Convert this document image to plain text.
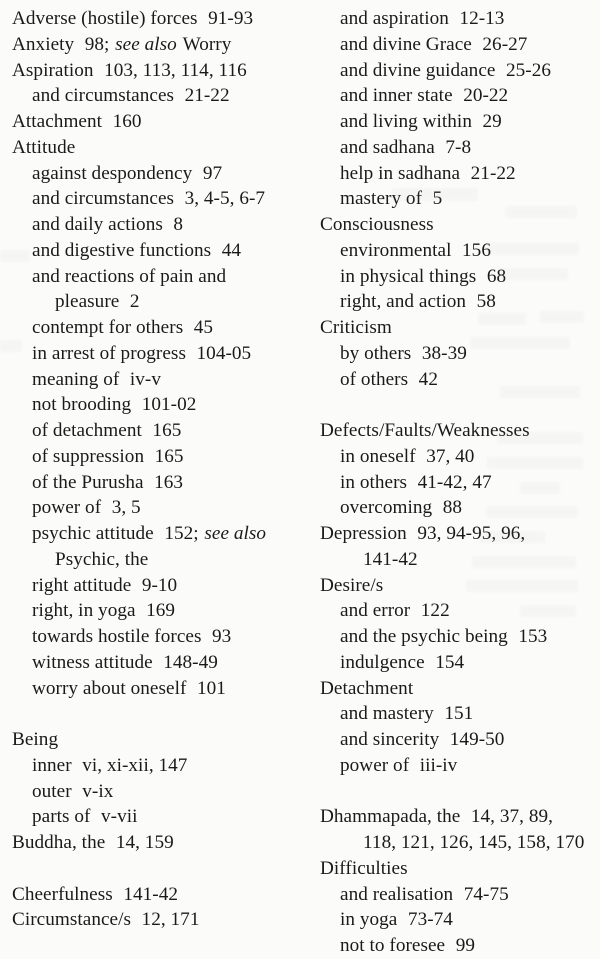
Adverse (hostile) forces 91-93
Anxiety 98; see also Worry
Aspiration 103, 113, 114, 116
and circumstances 21-22
Attachment 160
Attitude
against despondency 97
and circumstances 3, 4-5, 6-7
and daily actions 8
and digestive functions 44
and reactions of pain and
pleasure 2
contempt for others 45
in arrest of progress 104-05
meaning of iv-v
not brooding 101-02
of detachment 165
of suppression 165
of the Purusha 163
power of 3, 5
psychic attitude 152; see also
Psychic, the
right attitude 9-10
right, in yoga 169
towards hostile forces 93
witness attitude 148-49
worry about oneself 101
Being
inner vi, xi-xii, 147
outer v-ix
parts of v-vii
Buddha, the 14, 159
Cheerfulness 141-42
Circumstance/s 12, 171
and aspiration 12-13
and divine Grace 26-27
and divine guidance 25-26
and inner state 20-22
and living within 29
and sadhana 7-8
help in sadhana 21-22
mastery of 5
Consciousness
environmental 156
in physical things 68
right, and action 58
Criticism
by others 38-39
of others 42
Defects/Faults/Weaknesses
in oneself 37, 40
in others 41-42, 47
overcoming 88
Depression 93, 94-95, 96,
141-42
Desire/s
and error 122
and the psychic being 153
indulgence 154
Detachment
and mastery 151
and sincerity 149-50
power of iii-iv
Dhammapada, the 14, 37, 89,
118, 121, 126, 145, 158, 170
Difficulties
and realisation 74-75
in yoga 73-74
not to foresee 99
